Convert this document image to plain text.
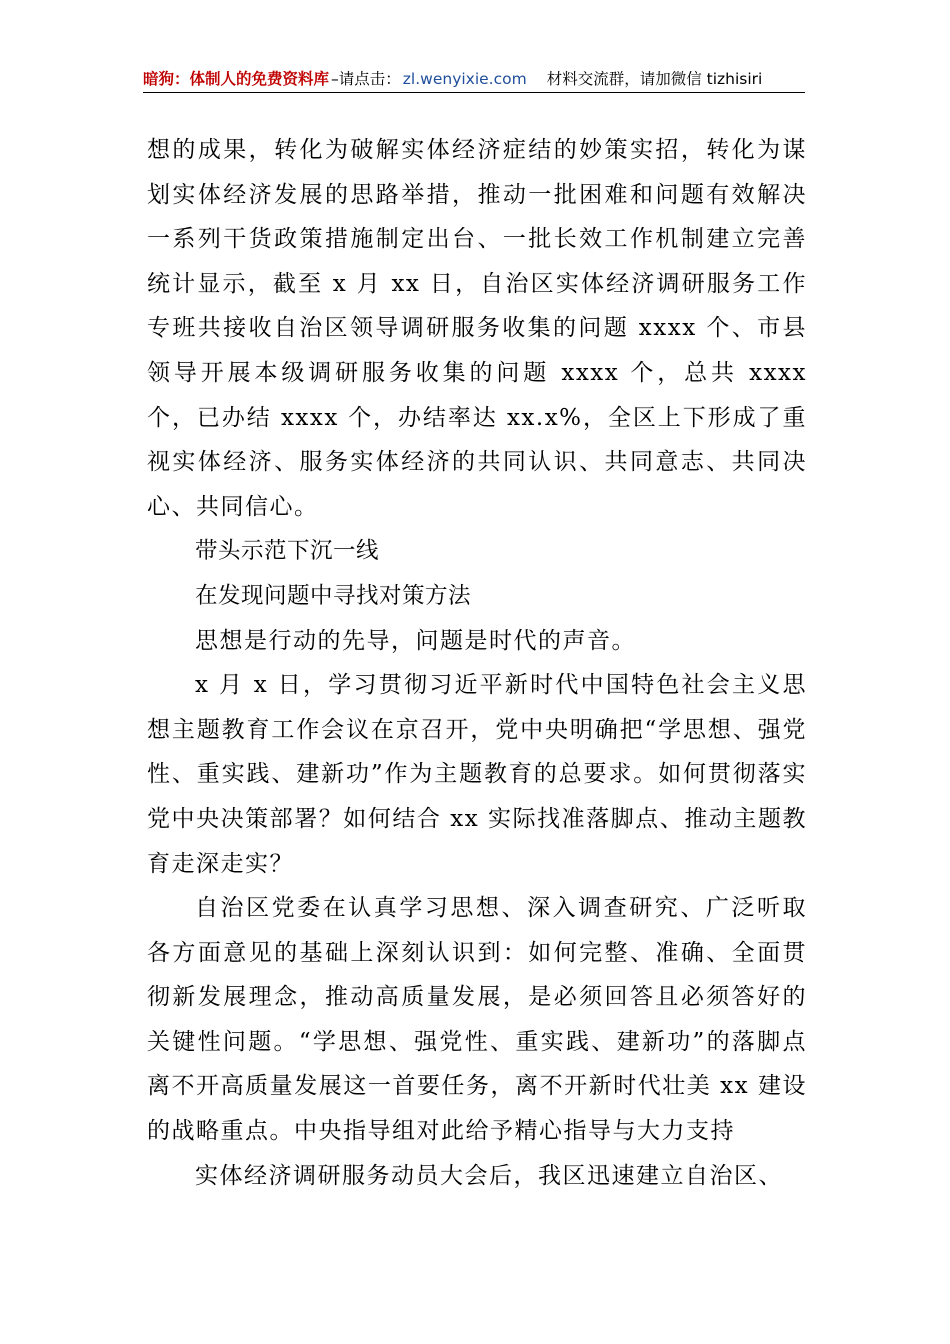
暗狗：体制人的免费资料库 –请点击： zl.wenyixie.com 材料交流群，请加微信 tizhisiri

想的成果，转化为破解实体经济症结的妙策实招，转化为谋划实体经济发展的思路举措，推动一批困难和问题有效解决一系列干货政策措施制定出台、一批长效工作机制建立完善统计显示，截至 x 月 xx 日，自治区实体经济调研服务工作专班共接收自治区领导调研服务收集的问题 xxxx 个、市县领导开展本级调研服务收集的问题 xxxx 个，总共 xxxx 个，已办结 xxxx 个，办结率达 xx.x%，全区上下形成了重视实体经济、服务实体经济的共同认识、共同意志、共同决心、共同信心。

带头示范下沉一线

在发现问题中寻找对策方法

思想是行动的先导，问题是时代的声音。

x 月 x 日，学习贯彻习近平新时代中国特色社会主义思想主题教育工作会议在京召开，党中央明确把“学思想、强党性、重实践、建新功”作为主题教育的总要求。如何贯彻落实党中央决策部署？如何结合 xx 实际找准落脚点、推动主题教育走深走实？

自治区党委在认真学习思想、深入调查研究、广泛听取各方面意见的基础上深刻认识到：如何完整、准确、全面贯彻新发展理念，推动高质量发展，是必须回答且必须答好的关键性问题。“学思想、强党性、重实践、建新功”的落脚点离不开高质量发展这一首要任务，离不开新时代壮美 xx 建设的战略重点。中央指导组对此给予精心指导与大力支持

实体经济调研服务动员大会后，我区迅速建立自治区、
